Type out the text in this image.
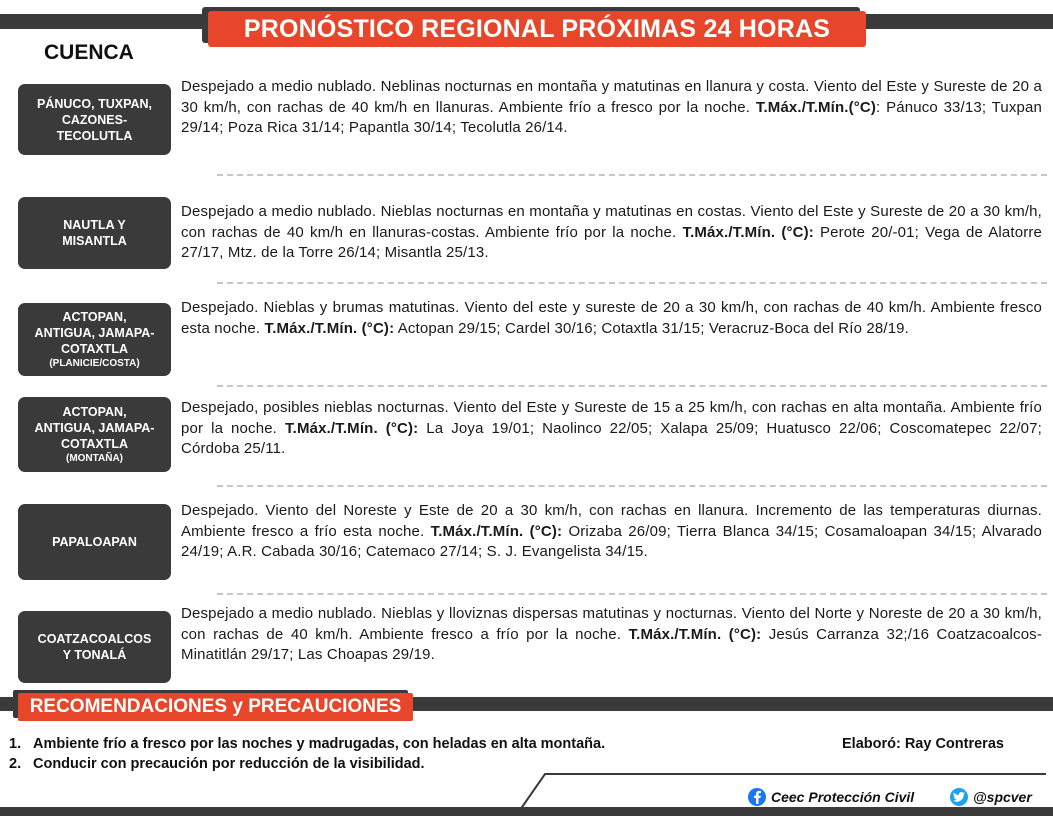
PRONÓSTICO REGIONAL PRÓXIMAS 24 HORAS
CUENCA
PÁNUCO, TUXPAN,
CAZONES-
TECOLUTLA
Despejado a medio nublado. Neblinas nocturnas en montaña y matutinas en llanura y costa. Viento del Este y Sureste de 20 a 30 km/h, con rachas de 40 km/h en llanuras. Ambiente frío a fresco por la noche. T.Máx./T.Mín.(°C): Pánuco 33/13; Tuxpan 29/14; Poza Rica 31/14; Papantla 30/14; Tecolutla 26/14.
NAUTLA Y
MISANTLA
Despejado a medio nublado. Nieblas nocturnas en montaña y matutinas en costas. Viento del Este y Sureste de 20 a 30 km/h, con rachas de 40 km/h en llanuras-costas. Ambiente frío por la noche. T.Máx./T.Mín. (°C): Perote 20/-01; Vega de Alatorre 27/17, Mtz. de la Torre 26/14; Misantla 25/13.
ACTOPAN,
ANTIGUA, JAMAPA-
COTAXTLA
(PLANICIE/COSTA)
Despejado. Nieblas y brumas matutinas. Viento del este y sureste de 20 a 30 km/h, con rachas de 40 km/h. Ambiente fresco esta noche. T.Máx./T.Mín. (°C): Actopan 29/15; Cardel 30/16; Cotaxtla 31/15; Veracruz-Boca del Río 28/19.
ACTOPAN,
ANTIGUA, JAMAPA-
COTAXTLA
(MONTAÑA)
Despejado, posibles nieblas nocturnas. Viento del Este y Sureste de 15 a 25 km/h, con rachas en alta montaña. Ambiente frío por la noche. T.Máx./T.Mín. (°C): La Joya 19/01; Naolinco 22/05; Xalapa 25/09; Huatusco 22/06; Coscomatepec 22/07; Córdoba 25/11.
PAPALOAPAN
Despejado. Viento del Noreste y Este de 20 a 30 km/h, con rachas en llanura. Incremento de las temperaturas diurnas. Ambiente fresco a frío esta noche. T.Máx./T.Mín. (°C): Orizaba 26/09; Tierra Blanca 34/15; Cosamaloapan 34/15; Alvarado 24/19; A.R. Cabada 30/16; Catemaco 27/14; S. J. Evangelista 34/15.
COATZACOALCOS
Y TONALÁ
Despejado a medio nublado. Nieblas y lloviznas dispersas matutinas y nocturnas. Viento del Norte y Noreste de 20 a 30 km/h, con rachas de 40 km/h. Ambiente fresco a frío por la noche. T.Máx./T.Mín. (°C): Jesús Carranza 32;/16 Coatzacoalcos-Minatitlán 29/17; Las Choapas 29/19.
RECOMENDACIONES y PRECAUCIONES
1. Ambiente frío a fresco por las noches y madrugadas, con heladas en alta montaña.
2. Conducir con precaución por reducción de la visibilidad.
Elaboró: Ray Contreras
Ceec Protección Civil	@spcver
